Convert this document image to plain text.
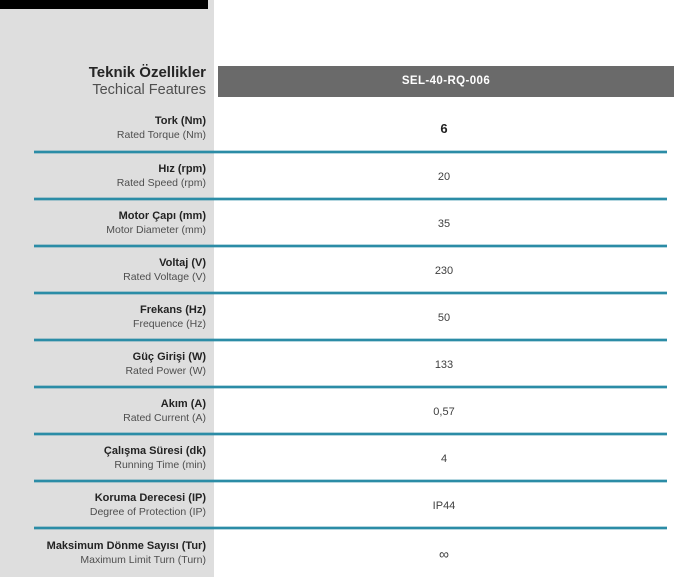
Teknik Özellikler
Techical Features
SEL-40-RQ-006
Tork (Nm)
Rated Torque (Nm)	6
Hız (rpm)
Rated Speed (rpm)
20
Motor Çapı (mm)
Motor Diameter (mm)
35
Voltaj (V)
Rated Voltage (V)
230
Frekans (Hz)
Frequence (Hz)
50
Güç Girişi (W)
Rated Power (W)
133
Akım (A)
Rated Current (A)
0,57
Çalışma Süresi (dk)
Running Time (min)
4
Koruma Derecesi (IP)
Degree of Protection (IP)
IP44
Maksimum Dönme Sayısı (Tur)
Maximum Limit Turn (Turn)	∞
